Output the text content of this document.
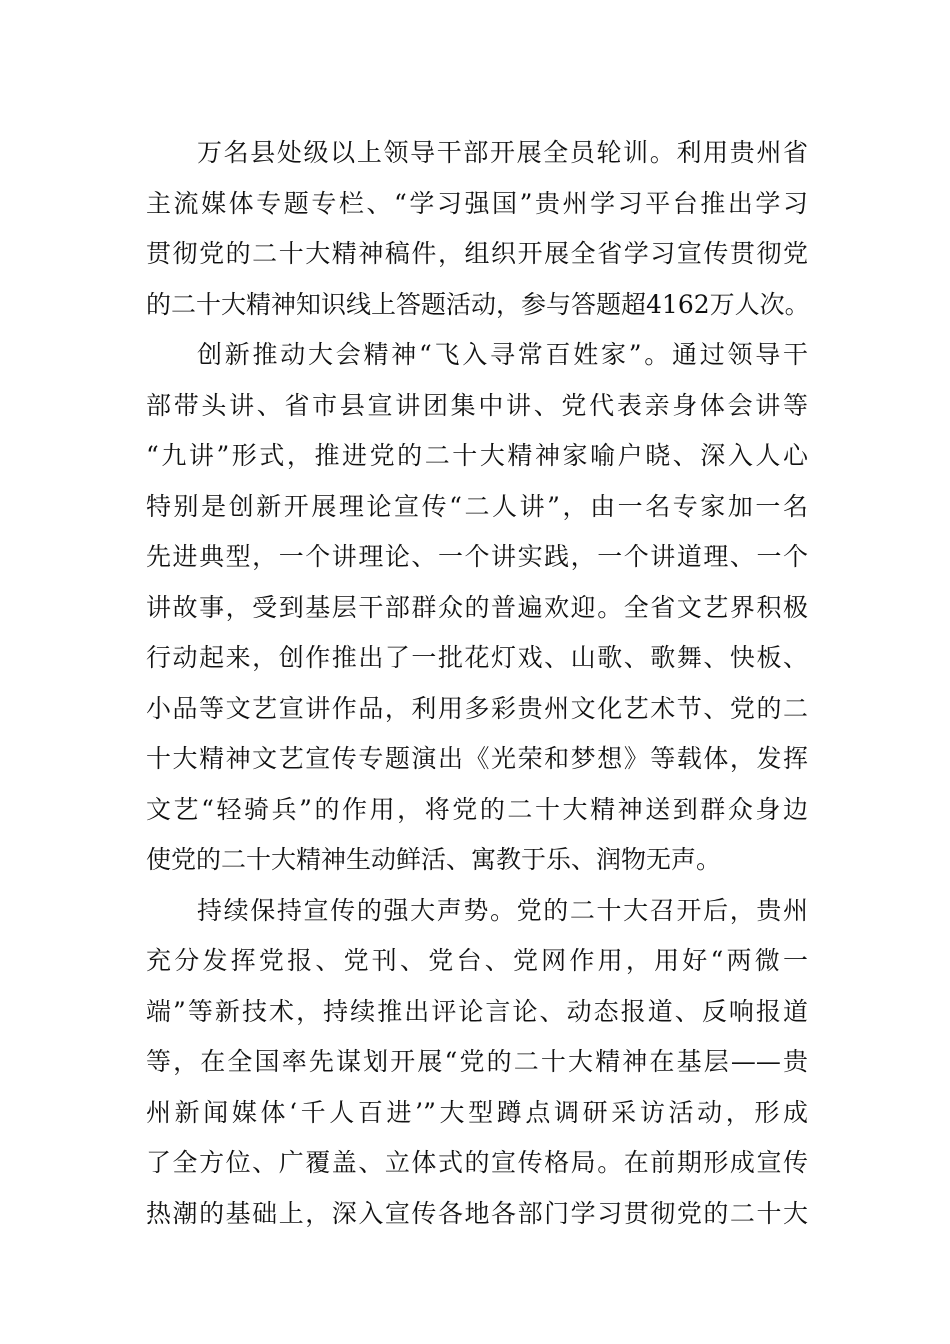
万名县处级以上领导干部开展全员轮训。利用贵州省
主流媒体专题专栏、“学习强国”贵州学习平台推出学习
贯彻党的二十大精神稿件，组织开展全省学习宣传贯彻党
的二十大精神知识线上答题活动，参与答题超4162万人次。
创新推动大会精神“飞入寻常百姓家”。通过领导干
部带头讲、省市县宣讲团集中讲、党代表亲身体会讲等
“九讲”形式，推进党的二十大精神家喻户晓、深入人心
特别是创新开展理论宣传“二人讲”，由一名专家加一名
先进典型，一个讲理论、一个讲实践，一个讲道理、一个
讲故事，受到基层干部群众的普遍欢迎。全省文艺界积极
行动起来，创作推出了一批花灯戏、山歌、歌舞、快板、
小品等文艺宣讲作品，利用多彩贵州文化艺术节、党的二
十大精神文艺宣传专题演出《光荣和梦想》等载体，发挥
文艺“轻骑兵”的作用，将党的二十大精神送到群众身边
使党的二十大精神生动鲜活、寓教于乐、润物无声。
持续保持宣传的强大声势。党的二十大召开后，贵州
充分发挥党报、党刊、党台、党网作用，用好“两微一
端”等新技术，持续推出评论言论、动态报道、反响报道
等，在全国率先谋划开展“党的二十大精神在基层——贵
州新闻媒体‘千人百进’”大型蹲点调研采访活动，形成
了全方位、广覆盖、立体式的宣传格局。在前期形成宣传
热潮的基础上，深入宣传各地各部门学习贯彻党的二十大
